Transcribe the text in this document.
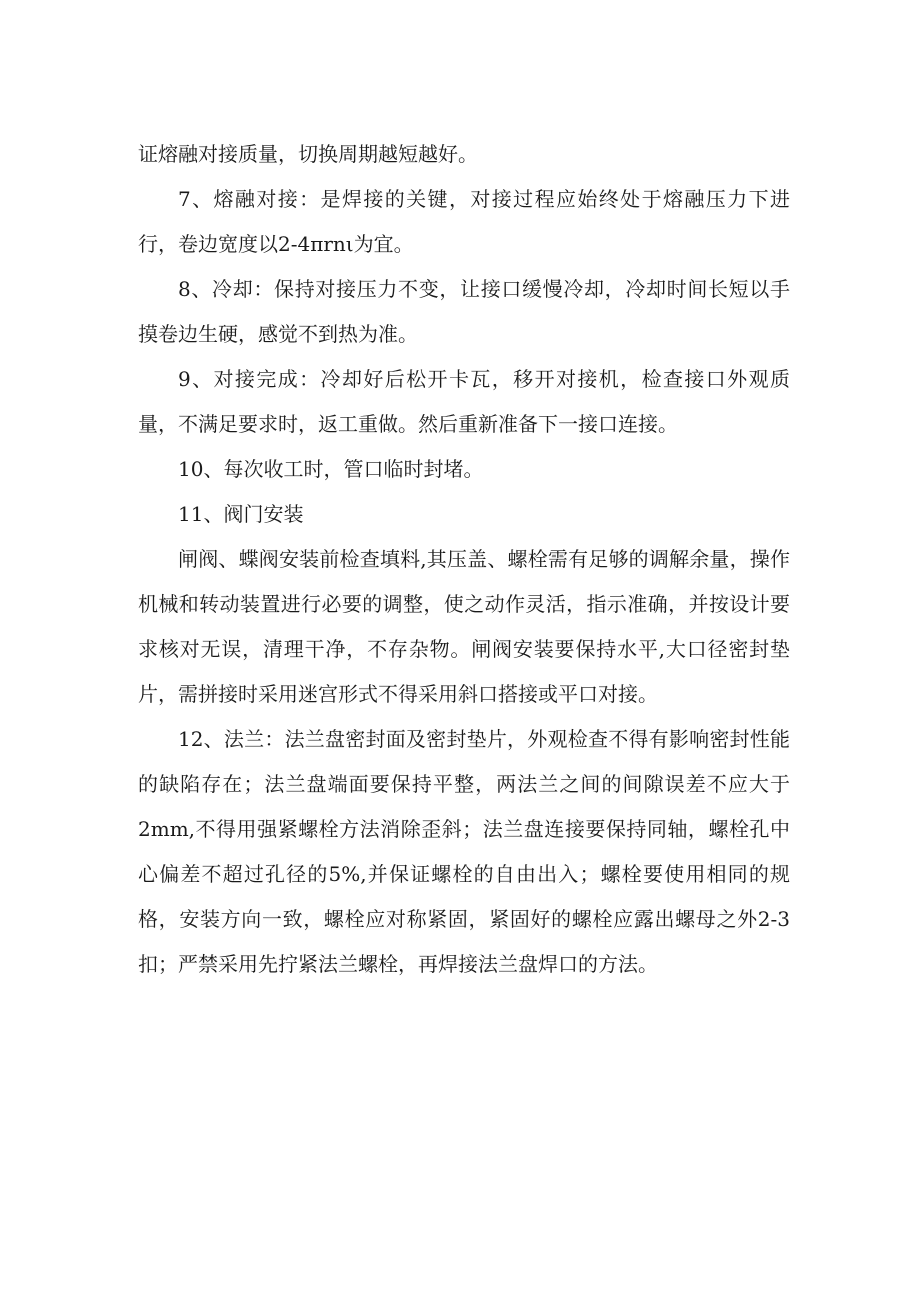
证熔融对接质量，切换周期越短越好。

7、熔融对接：是焊接的关键，对接过程应始终处于熔融压力下进行，卷边宽度以2-4πrnι为宜。

8、冷却：保持对接压力不变，让接口缓慢冷却，冷却时间长短以手摸卷边生硬，感觉不到热为准。

9、对接完成：冷却好后松开卡瓦，移开对接机，检查接口外观质量，不满足要求时，返工重做。然后重新准备下一接口连接。

10、每次收工时，管口临时封堵。

11、阀门安装

闸阀、蝶阀安装前检查填料,其压盖、螺栓需有足够的调解余量，操作机械和转动装置进行必要的调整，使之动作灵活，指示准确，并按设计要求核对无误，清理干净，不存杂物。闸阀安装要保持水平,大口径密封垫片，需拼接时采用迷宫形式不得采用斜口搭接或平口对接。

12、法兰：法兰盘密封面及密封垫片，外观检查不得有影响密封性能的缺陷存在；法兰盘端面要保持平整，两法兰之间的间隙误差不应大于2mm,不得用强紧螺栓方法消除歪斜；法兰盘连接要保持同轴，螺栓孔中心偏差不超过孔径的5%,并保证螺栓的自由出入；螺栓要使用相同的规格，安装方向一致，螺栓应对称紧固，紧固好的螺栓应露出螺母之外2-3扣；严禁采用先拧紧法兰螺栓，再焊接法兰盘焊口的方法。
